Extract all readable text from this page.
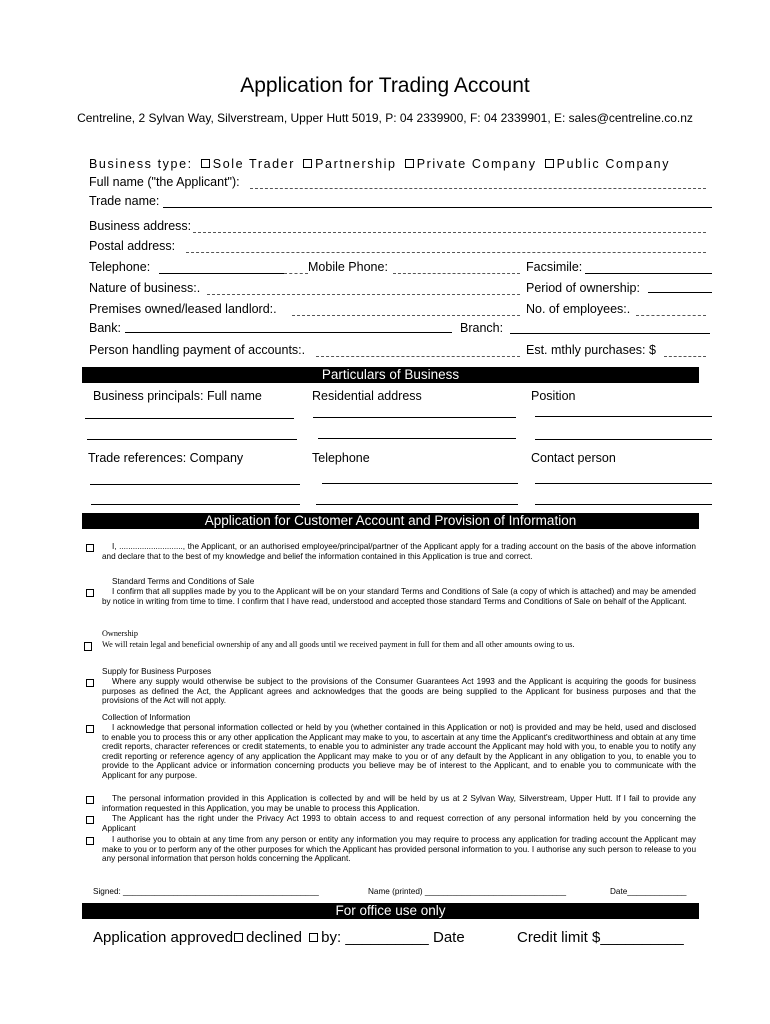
Application for Trading Account
Centreline, 2 Sylvan Way, Silverstream, Upper Hutt 5019, P: 04 2339900, F: 04 2339901, E: sales@centreline.co.nz
Business type: Sole Trader Partnership Private Company Public Company
Full name ("the Applicant"):
Trade name:
Business address:
Postal address:
Telephone:	Mobile Phone:	Facsimile:
Nature of business:.	Period of ownership:
Premises owned/leased landlord:.	No. of employees:.
Bank:	Branch:
Person handling payment of accounts:.	Est. mthly purchases: $
Particulars of Business
Business principals: Full name	Residential address	Position
Trade references: Company	Telephone	Contact person
Application for Customer Account and Provision of Information
I, ............................, the Applicant, or an authorised employee/principal/partner of the Applicant apply for a trading account on the basis of the above information and declare that to the best of my knowledge and belief the information contained in this Application is true and correct.
Standard Terms and Conditions of Sale
I confirm that all supplies made by you to the Applicant will be on your standard Terms and Conditions of Sale (a copy of which is attached) and may be amended by notice in writing from time to time. I confirm that I have read, understood and accepted those standard Terms and Conditions of Sale on behalf of the Applicant.
Ownership
We will retain legal and beneficial ownership of any and all goods until we received payment in full for them and all other amounts owing to us.
Supply for Business Purposes
Where any supply would otherwise be subject to the provisions of the Consumer Guarantees Act 1993 and the Applicant is acquiring the goods for business purposes as defined the Act, the Applicant agrees and acknowledges that the goods are being supplied to the Applicant for business purposes and that the provisions of the Act will not apply.
Collection of Information
I acknowledge that personal information collected or held by you (whether contained in this Application or not) is provided and may be held, used and disclosed to enable you to process this or any other application the Applicant may make to you, to ascertain at any time the Applicant's creditworthiness and obtain at any time credit reports, character references or credit statements, to enable you to administer any trade account the Applicant may hold with you, to enable you to notify any credit reporting or reference agency of any application the Applicant may make to you or of any default by the Applicant in any obligation to you, to enable you to provide to the Applicant advice or information concerning products you believe may be of interest to the Applicant, and to enable you to communicate with the Applicant for any purpose.
The personal information provided in this Application is collected by and will be held by us at 2 Sylvan Way, Silverstream, Upper Hutt. If I fail to provide any information requested in this Application, you may be unable to process this Application.
The Applicant has the right under the Privacy Act 1993 to obtain access to and request correction of any personal information held by you concerning the Applicant
I authorise you to obtain at any time from any person or entity any information you may require to process any application for trading account the Applicant may make to you or to perform any of the other purposes for which the Applicant has provided personal information to you. I authorise any such person to release to you any personal information that person holds concerning the Applicant.
Signed: ___________________________________________	Name (printed) _______________________________	Date_____________
For office use only
Application approved declined by: __________ Date	Credit limit $__________
